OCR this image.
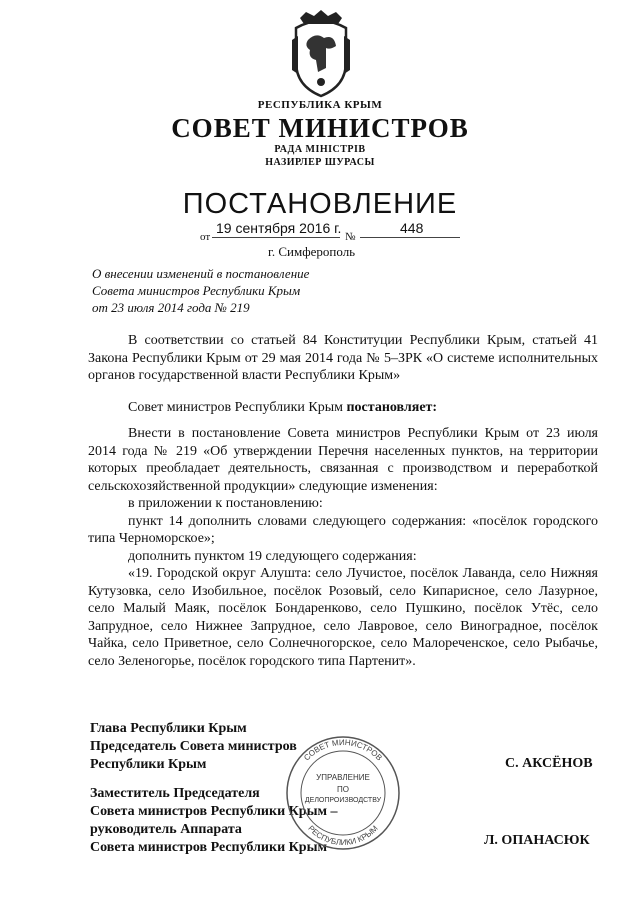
РЕСПУБЛИКА КРЫМ
СОВЕТ МИНИСТРОВ
РАДА МІНІСТРІВ
НАЗИРЛЕР ШУРАСЫ
ПОСТАНОВЛЕНИЕ
от
19 сентября 2016 г.
№
448
г. Симферополь
О внесении изменений в постановление
Совета министров Республики Крым
от 23 июля 2014 года № 219
В соответствии со статьей 84 Конституции Республики Крым, статьей 41 Закона Республики Крым от 29 мая 2014 года № 5–ЗРК «О системе исполнительных органов государственной власти Республики Крым»
Совет министров Республики Крым постановляет:
Внести в постановление Совета министров Республики Крым от 23 июля 2014 года № 219 «Об утверждении Перечня населенных пунктов, на территории которых преобладает деятельность, связанная с производством и переработкой сельскохозяйственной продукции» следующие изменения:
в приложении к постановлению:
пункт 14 дополнить словами следующего содержания: «посёлок городского типа Черноморское»;
дополнить пунктом 19 следующего содержания:
«19. Городской округ Алушта: село Лучистое, посёлок Лаванда, село Нижняя Кутузовка, село Изобильное, посёлок Розовый, село Кипарисное, село Лазурное, село Малый Маяк, посёлок Бондаренково, село Пушкино, посёлок Утёс, село Запрудное, село Нижнее Запрудное, село Лавровое, село Виноградное, посёлок Чайка, село Приветное, село Солнечногорское, село Малореченское, село Рыбачье, село Зеленогорье, посёлок городского типа Партенит».
Глава Республики Крым
Председатель Совета министров
Республики Крым	С. АКСЁНОВ
Заместитель Председателя
Совета министров Республики Крым –
руководитель Аппарата
Совета министров Республики Крым	Л. ОПАНАСЮК
СОВЕТ МИНИСТРОВ
РЕСПУБЛИКИ КРЫМ
УПРАВЛЕНИЕ
ПО
ДЕЛОПРОИЗВОДСТВУ
